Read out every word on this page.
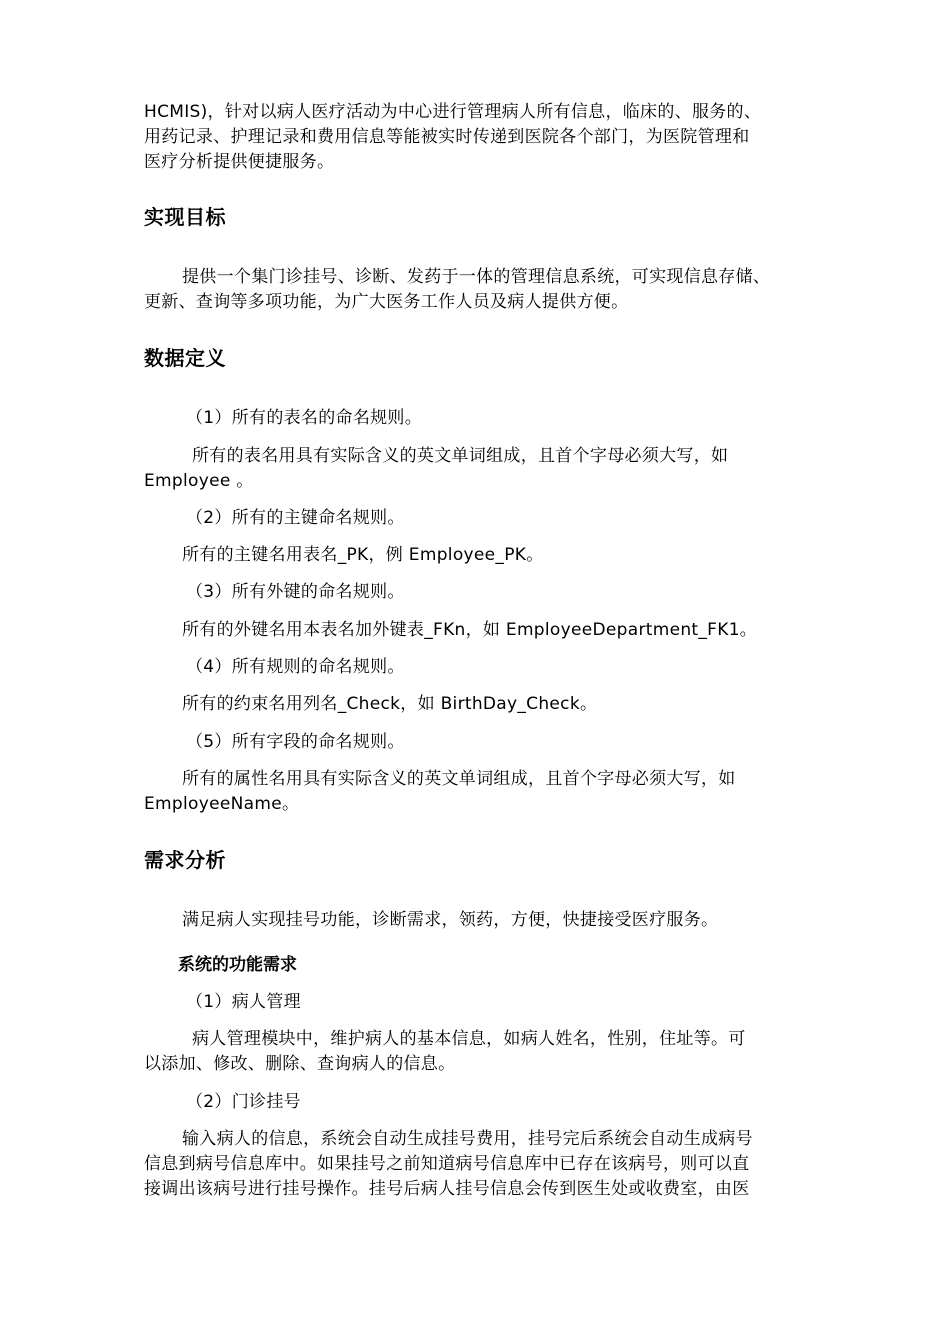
HCMIS)，针对以病人医疗活动为中心进行管理病人所有信息，临床的、服务的、
用药记录、护理记录和费用信息等能被实时传递到医院各个部门，为医院管理和
医疗分析提供便捷服务。
实现目标
提供一个集门诊挂号、诊断、发药于一体的管理信息系统，可实现信息存储、
更新、查询等多项功能，为广大医务工作人员及病人提供方便。
数据定义
（1）所有的表名的命名规则。
所有的表名用具有实际含义的英文单词组成，且首个字母必须大写，如
Employee 。
（2）所有的主键命名规则。
所有的主键名用表名_PK，例 Employee_PK。
（3）所有外键的命名规则。
所有的外键名用本表名加外键表_FKn，如 EmployeeDepartment_FK1。
（4）所有规则的命名规则。
所有的约束名用列名_Check，如 BirthDay_Check。
（5）所有字段的命名规则。
所有的属性名用具有实际含义的英文单词组成，且首个字母必须大写，如
EmployeeName。
需求分析
满足病人实现挂号功能，诊断需求，领药，方便，快捷接受医疗服务。
系统的功能需求
（1）病人管理
病人管理模块中，维护病人的基本信息，如病人姓名，性别，住址等。可
以添加、修改、删除、查询病人的信息。
（2）门诊挂号
输入病人的信息，系统会自动生成挂号费用，挂号完后系统会自动生成病号
信息到病号信息库中。如果挂号之前知道病号信息库中已存在该病号，则可以直
接调出该病号进行挂号操作。挂号后病人挂号信息会传到医生处或收费室，由医
